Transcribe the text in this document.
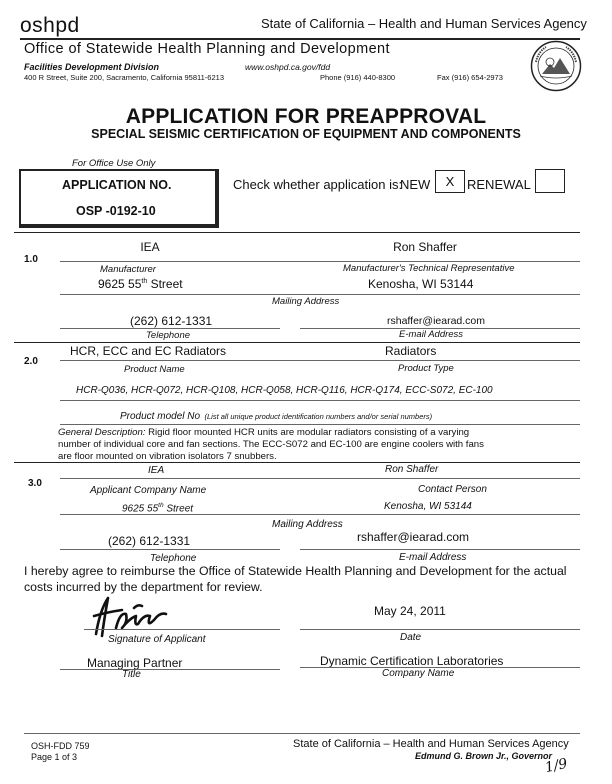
oshpd	State of California – Health and Human Services Agency
Office of Statewide Health Planning and Development
Facilities Development Division	www.oshpd.ca.gov/fdd
400 R Street, Suite 200, Sacramento, California 95811-6213	Phone (916) 440-8300	Fax (916) 654-2973
APPLICATION FOR PREAPPROVAL
SPECIAL SEISMIC CERTIFICATION OF EQUIPMENT AND COMPONENTS
For Office Use Only
APPLICATION NO.
OSP -0192-10
Check whether application is:
NEW	X RENEWAL
1.0
IEA	Ron Shaffer
Manufacturer	Manufacturer's Technical Representative
9625 55th Street	Kenosha, WI 53144
Mailing Address
(262) 612-1331	rshaffer@iearad.com
Telephone	E-mail Address
2.0
HCR, ECC and EC Radiators	Radiators
Product Name	Product Type
HCR-Q036, HCR-Q072, HCR-Q108, HCR-Q058, HCR-Q116, HCR-Q174, ECC-S072, EC-100
Product model No (List all unique product identification numbers and/or serial numbers)
General Description: Rigid floor mounted HCR units are modular radiators consisting of a varying
number of individual core and fan sections. The ECC-S072 and EC-100 are engine coolers with fans
are floor mounted on vibration isolators 7 snubbers.
3.0
IEA	Ron Shaffer
Applicant Company Name	Contact Person
9625 55th Street	Kenosha, WI 53144
Mailing Address
(262) 612-1331	rshaffer@iearad.com
Telephone	E-mail Address
I hereby agree to reimburse the Office of Statewide Health Planning and Development for the actual
costs incurred by the department for review.
Signature of Applicant
May 24, 2011
Date
Managing Partner
Title
Dynamic Certification Laboratories
Company Name
OSH-FDD 759
Page 1 of 3
State of California – Health and Human Services Agency
Edmund G. Brown Jr., Governor
1/9
